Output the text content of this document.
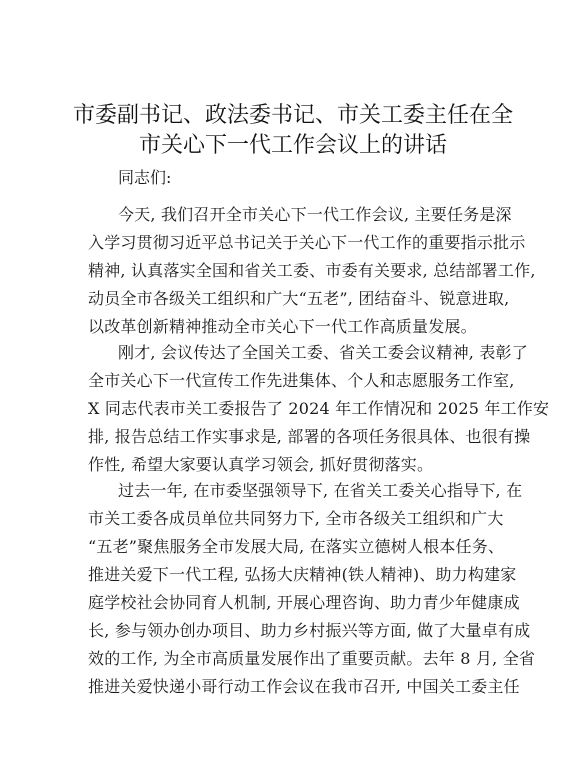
市委副书记、政法委书记、市关工委主任在全
市关心下一代工作会议上的讲话

同志们:

今天, 我们召开全市关心下一代工作会议, 主要任务是深

入学习贯彻习近平总书记关于关心下一代工作的重要指示批示

精神, 认真落实全国和省关工委、市委有关要求, 总结部署工作,

动员全市各级关工组织和广大“五老”, 团结奋斗、锐意进取,

以改革创新精神推动全市关心下一代工作高质量发展。

刚才, 会议传达了全国关工委、省关工委会议精神, 表彰了

全市关心下一代宣传工作先进集体、个人和志愿服务工作室,

X 同志代表市关工委报告了 2024 年工作情况和 2025 年工作安

排, 报告总结工作实事求是, 部署的各项任务很具体、也很有操

作性, 希望大家要认真学习领会, 抓好贯彻落实。

过去一年, 在市委坚强领导下, 在省关工委关心指导下, 在

市关工委各成员单位共同努力下, 全市各级关工组织和广大

“五老”聚焦服务全市发展大局, 在落实立德树人根本任务、

推进关爱下一代工程, 弘扬大庆精神(铁人精神)、助力构建家

庭学校社会协同育人机制, 开展心理咨询、助力青少年健康成

长, 参与领办创办项目、助力乡村振兴等方面, 做了大量卓有成

效的工作, 为全市高质量发展作出了重要贡献。去年 8 月, 全省

推进关爱快递小哥行动工作会议在我市召开, 中国关工委主任
